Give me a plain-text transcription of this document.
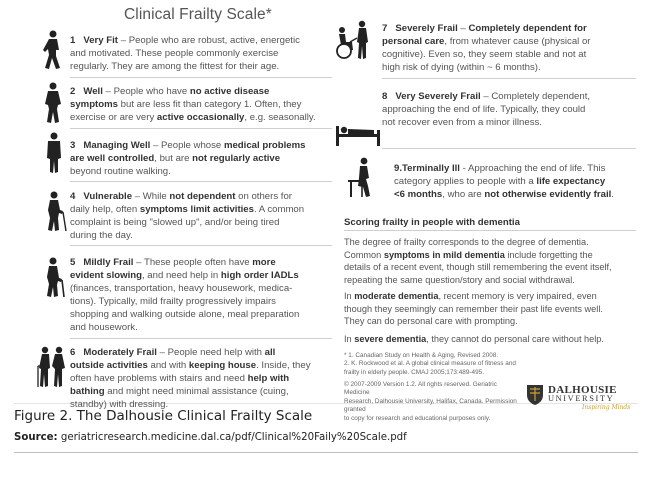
Clinical Frailty Scale*
1 Very Fit – People who are robust, active, energetic
and motivated. These people commonly exercise
regularly. They are among the fittest for their age.
2 Well – People who have no active disease
symptoms but are less fit than category 1. Often, they
exercise or are very active occasionally, e.g. seasonally.
3 Managing Well – People whose medical problems
are well controlled, but are not regularly active
beyond routine walking.
4 Vulnerable – While not dependent on others for
daily help, often symptoms limit activities. A common
complaint is being "slowed up", and/or being tired
during the day.
5 Mildly Frail – These people often have more
evident slowing, and need help in high order IADLs
(finances, transportation, heavy housework, medica-
tions). Typically, mild frailty progressively impairs
shopping and walking outside alone, meal preparation
and housework.
6 Moderately Frail – People need help with all
outside activities and with keeping house. Inside, they
often have problems with stairs and need help with
bathing and might need minimal assistance (cuing,
standby) with dressing.
7 Severely Frail – Completely dependent for
personal care, from whatever cause (physical or
cognitive). Even so, they seem stable and not at
high risk of dying (within ~ 6 months).
8 Very Severely Frail – Completely dependent,
approaching the end of life. Typically, they could
not recover even from a minor illness.
9.Terminally Ill - Approaching the end of life. This
category applies to people with a life expectancy
<6 months, who are not otherwise evidently frail.
Scoring frailty in people with dementia
The degree of frailty corresponds to the degree of dementia.
Common symptoms in mild dementia include forgetting the
details of a recent event, though still remembering the event itself,
repeating the same question/story and social withdrawal.
In moderate dementia, recent memory is very impaired, even
though they seemingly can remember their past life events well.
They can do personal care with prompting.
In severe dementia, they cannot do personal care without help.
* 1. Canadian Study on Health & Aging, Revised 2008.
2. K. Rockwood et al. A global clinical measure of fitness and
frailty in elderly people. CMAJ 2005;173:489-495.
© 2007-2009 Version 1.2. All rights reserved. Geriatric Medicine
Research, Dalhousie University, Halifax, Canada. Permission granted
to copy for research and educational purposes only.
DALHOUSIE
UNIVERSITY
Inspiring Minds
Figure 2. The Dalhousie Clinical Frailty Scale
Source: geriatricresearch.medicine.dal.ca/pdf/Clinical%20Faily%20Scale.pdf
